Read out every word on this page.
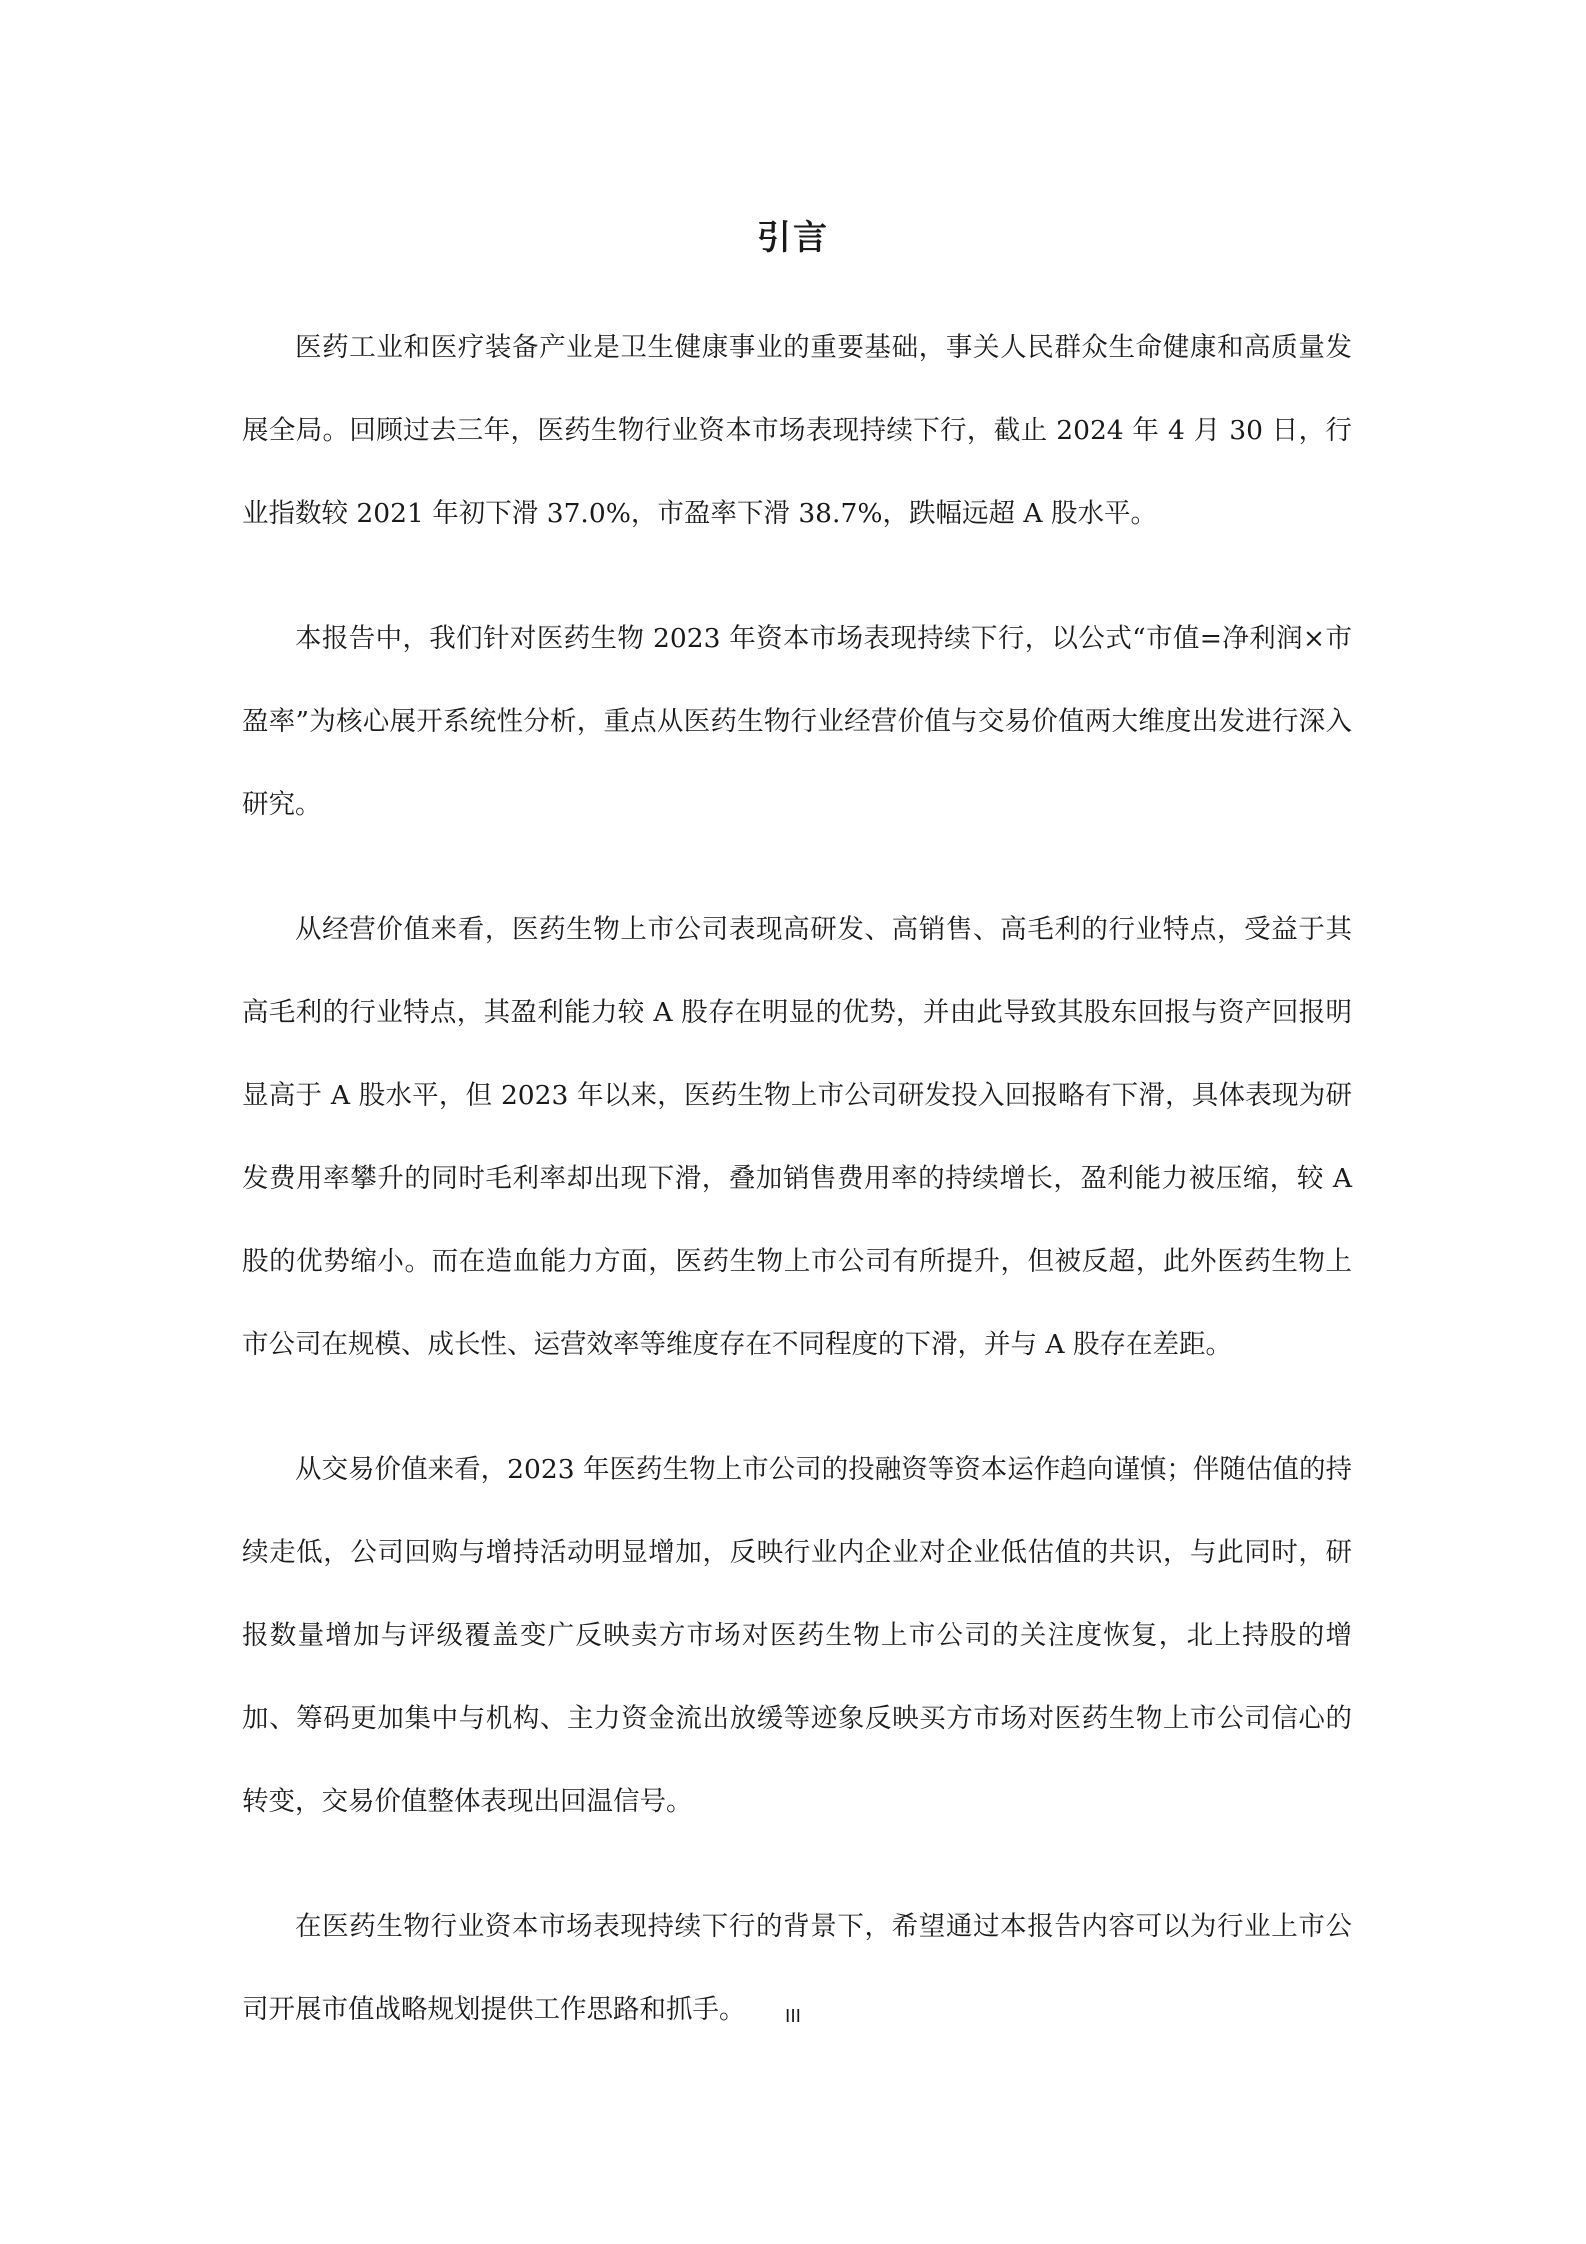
引言

医药工业和医疗装备产业是卫生健康事业的重要基础，事关人民群众生命健康和高质量发展全局。回顾过去三年，医药生物行业资本市场表现持续下行，截止 2024 年 4 月 30 日，行业指数较 2021 年初下滑 37.0%，市盈率下滑 38.7%，跌幅远超 A 股水平。

本报告中，我们针对医药生物 2023 年资本市场表现持续下行，以公式“市值=净利润×市盈率”为核心展开系统性分析，重点从医药生物行业经营价值与交易价值两大维度出发进行深入研究。

从经营价值来看，医药生物上市公司表现高研发、高销售、高毛利的行业特点，受益于其高毛利的行业特点，其盈利能力较 A 股存在明显的优势，并由此导致其股东回报与资产回报明显高于 A 股水平，但 2023 年以来，医药生物上市公司研发投入回报略有下滑，具体表现为研发费用率攀升的同时毛利率却出现下滑，叠加销售费用率的持续增长，盈利能力被压缩，较 A 股的优势缩小。而在造血能力方面，医药生物上市公司有所提升，但被反超，此外医药生物上市公司在规模、成长性、运营效率等维度存在不同程度的下滑，并与 A 股存在差距。

从交易价值来看，2023 年医药生物上市公司的投融资等资本运作趋向谨慎；伴随估值的持续走低，公司回购与增持活动明显增加，反映行业内企业对企业低估值的共识，与此同时，研报数量增加与评级覆盖变广反映卖方市场对医药生物上市公司的关注度恢复，北上持股的增加、筹码更加集中与机构、主力资金流出放缓等迹象反映买方市场对医药生物上市公司信心的转变，交易价值整体表现出回温信号。

在医药生物行业资本市场表现持续下行的背景下，希望通过本报告内容可以为行业上市公司开展市值战略规划提供工作思路和抓手。	III
